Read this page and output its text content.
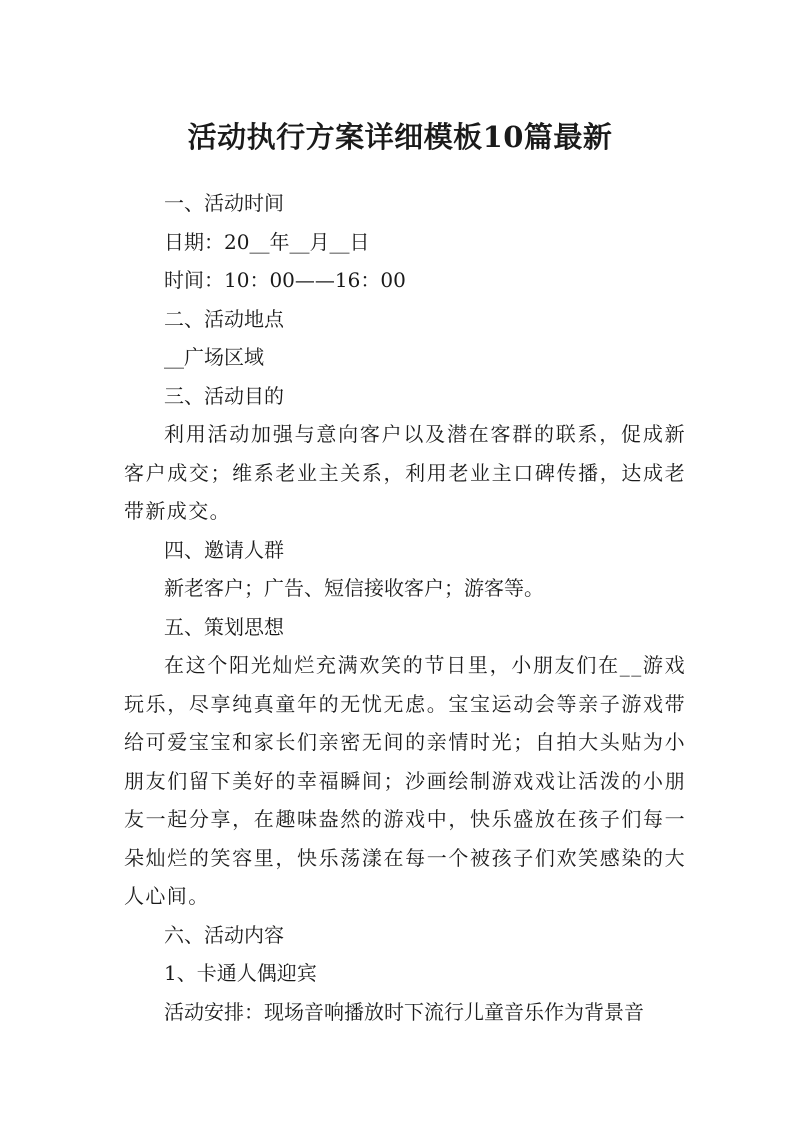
活动执行方案详细模板10篇最新

一、活动时间

日期：20__年__月__日

时间：10：00——16：00

二、活动地点

__广场区域

三、活动目的

利用活动加强与意向客户以及潜在客群的联系，促成新客户成交；维系老业主关系，利用老业主口碑传播，达成老带新成交。

四、邀请人群

新老客户；广告、短信接收客户；游客等。

五、策划思想

在这个阳光灿烂充满欢笑的节日里，小朋友们在__游戏玩乐，尽享纯真童年的无忧无虑。宝宝运动会等亲子游戏带给可爱宝宝和家长们亲密无间的亲情时光；自拍大头贴为小朋友们留下美好的幸福瞬间；沙画绘制游戏戏让活泼的小朋友一起分享，在趣味盎然的游戏中，快乐盛放在孩子们每一朵灿烂的笑容里，快乐荡漾在每一个被孩子们欢笑感染的大人心间。

六、活动内容

1、卡通人偶迎宾

活动安排：现场音响播放时下流行儿童音乐作为背景音
